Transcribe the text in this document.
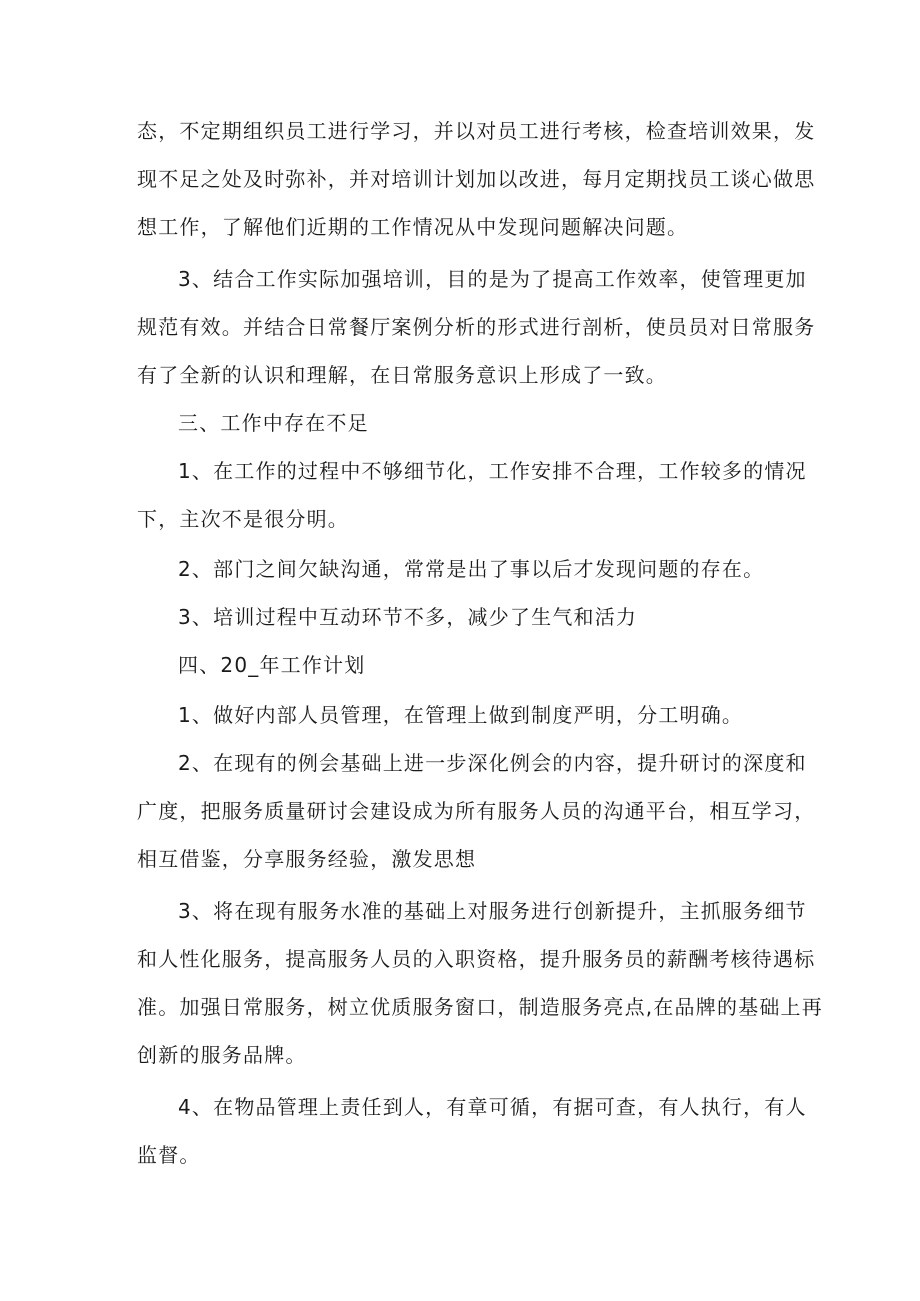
态，不定期组织员工进行学习，并以对员工进行考核，检查培训效果，发
现不足之处及时弥补，并对培训计划加以改进，每月定期找员工谈心做思
想工作，了解他们近期的工作情况从中发现问题解决问题。
3、结合工作实际加强培训，目的是为了提高工作效率，使管理更加
规范有效。并结合日常餐厅案例分析的形式进行剖析，使员员对日常服务
有了全新的认识和理解，在日常服务意识上形成了一致。
三、工作中存在不足
1、在工作的过程中不够细节化，工作安排不合理，工作较多的情况
下，主次不是很分明。
2、部门之间欠缺沟通，常常是出了事以后才发现问题的存在。
3、培训过程中互动环节不多，减少了生气和活力
四、20_年工作计划
1、做好内部人员管理，在管理上做到制度严明，分工明确。
2、在现有的例会基础上进一步深化例会的内容，提升研讨的深度和
广度，把服务质量研讨会建设成为所有服务人员的沟通平台，相互学习，
相互借鉴，分享服务经验，激发思想
3、将在现有服务水准的基础上对服务进行创新提升，主抓服务细节
和人性化服务，提高服务人员的入职资格，提升服务员的薪酬考核待遇标
准。加强日常服务，树立优质服务窗口，制造服务亮点,在品牌的基础上再
创新的服务品牌。
4、在物品管理上责任到人，有章可循，有据可查，有人执行，有人
监督。
